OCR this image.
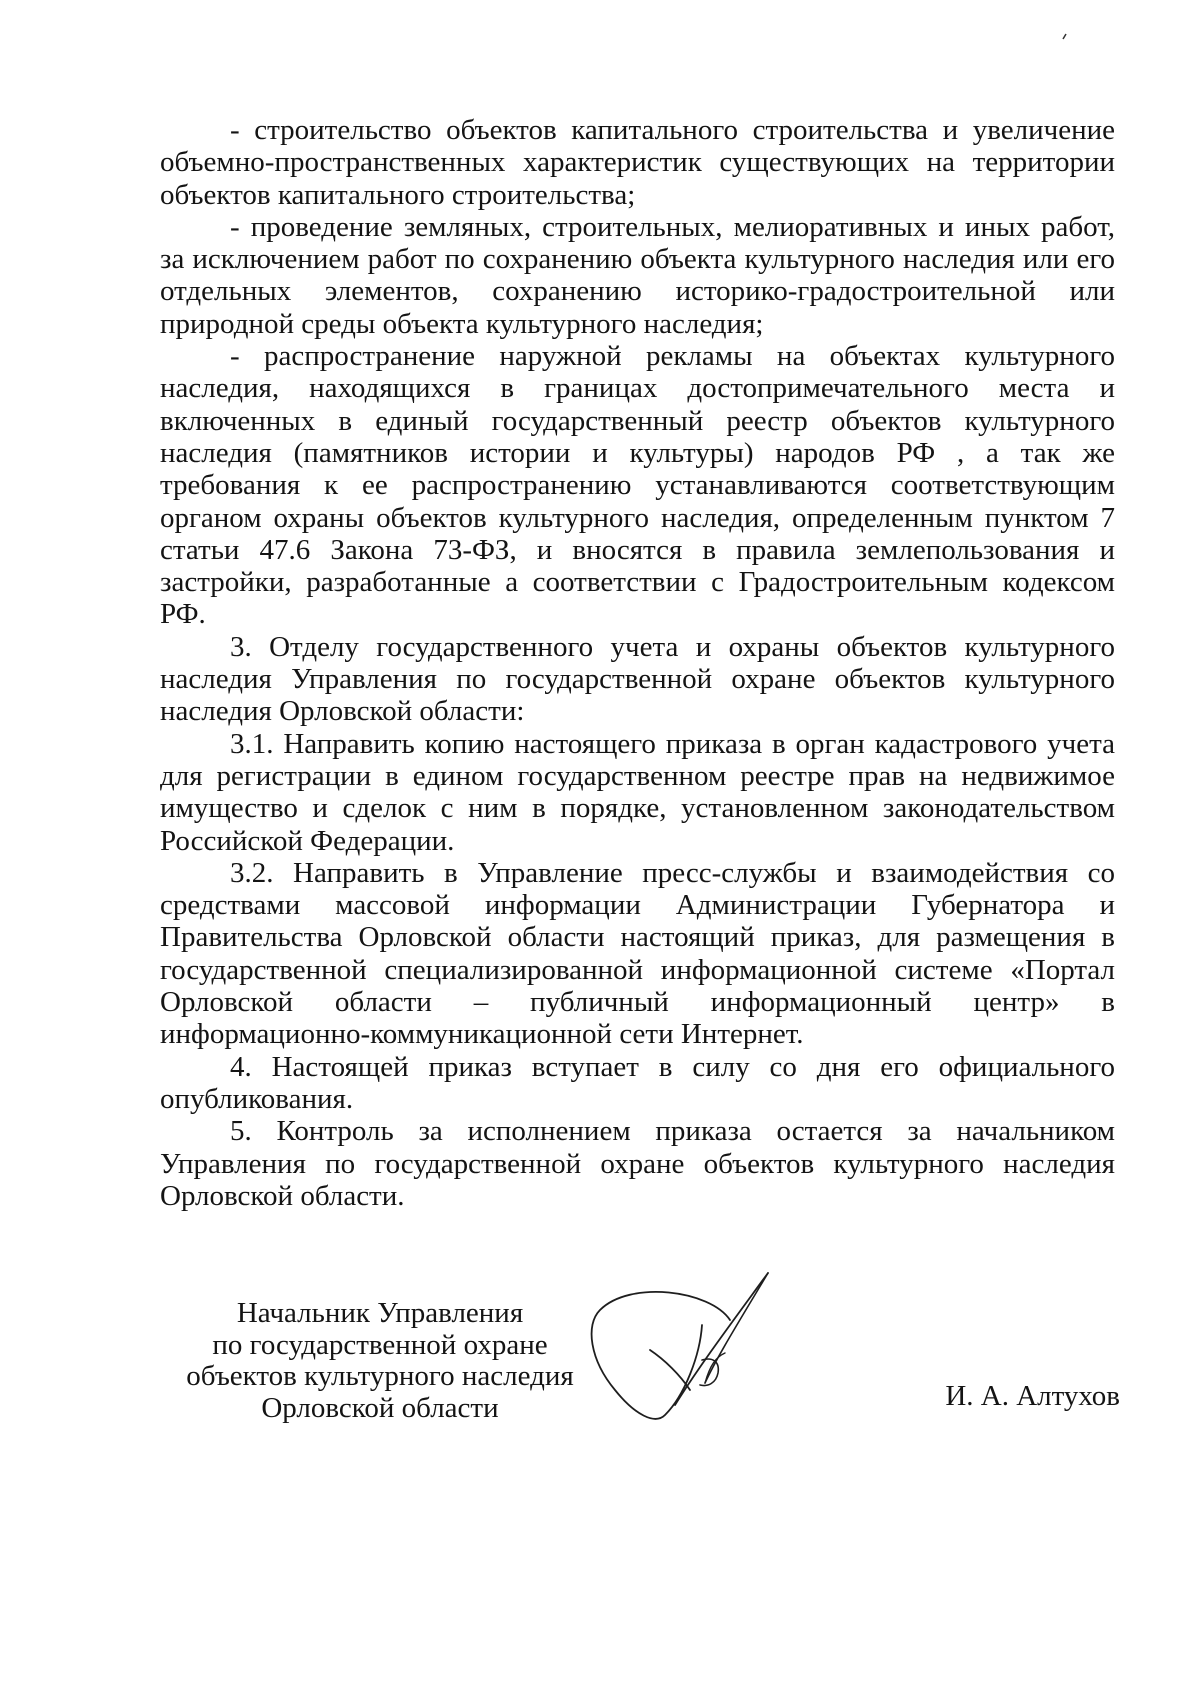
- строительство объектов капитального строительства и увеличение объемно-пространственных характеристик существующих на территории объектов капитального строительства;

- проведение земляных, строительных, мелиоративных и иных работ, за исключением работ по сохранению объекта культурного наследия или его отдельных элементов, сохранению историко-градостроительной или природной среды объекта культурного наследия;

- распространение наружной рекламы на объектах культурного наследия, находящихся в границах достопримечательного места и включенных в единый государственный реестр объектов культурного наследия (памятников истории и культуры) народов РФ , а так же требования к ее распространению устанавливаются соответствующим органом охраны объектов культурного наследия, определенным пунктом 7 статьи 47.6 Закона 73-ФЗ, и вносятся в правила землепользования и застройки, разработанные а соответствии с Градостроительным кодексом РФ.

3. Отделу государственного учета и охраны объектов культурного наследия Управления по государственной охране объектов культурного наследия Орловской области:

3.1. Направить копию настоящего приказа в орган кадастрового учета для регистрации в едином государственном реестре прав на недвижимое имущество и сделок с ним в порядке, установленном законодательством Российской Федерации.

3.2. Направить в Управление пресс-службы и взаимодействия со средствами массовой информации Администрации Губернатора и Правительства Орловской области настоящий приказ, для размещения в государственной специализированной информационной системе «Портал Орловской области – публичный информационный центр» в информационно-коммуникационной сети Интернет.

4. Настоящей приказ вступает в силу со дня его официального опубликования.

5. Контроль за исполнением приказа остается за начальником Управления по государственной охране объектов культурного наследия Орловской области.

Начальник Управления
по государственной охране
объектов культурного наследия
Орловской области	И. А. Алтухов
